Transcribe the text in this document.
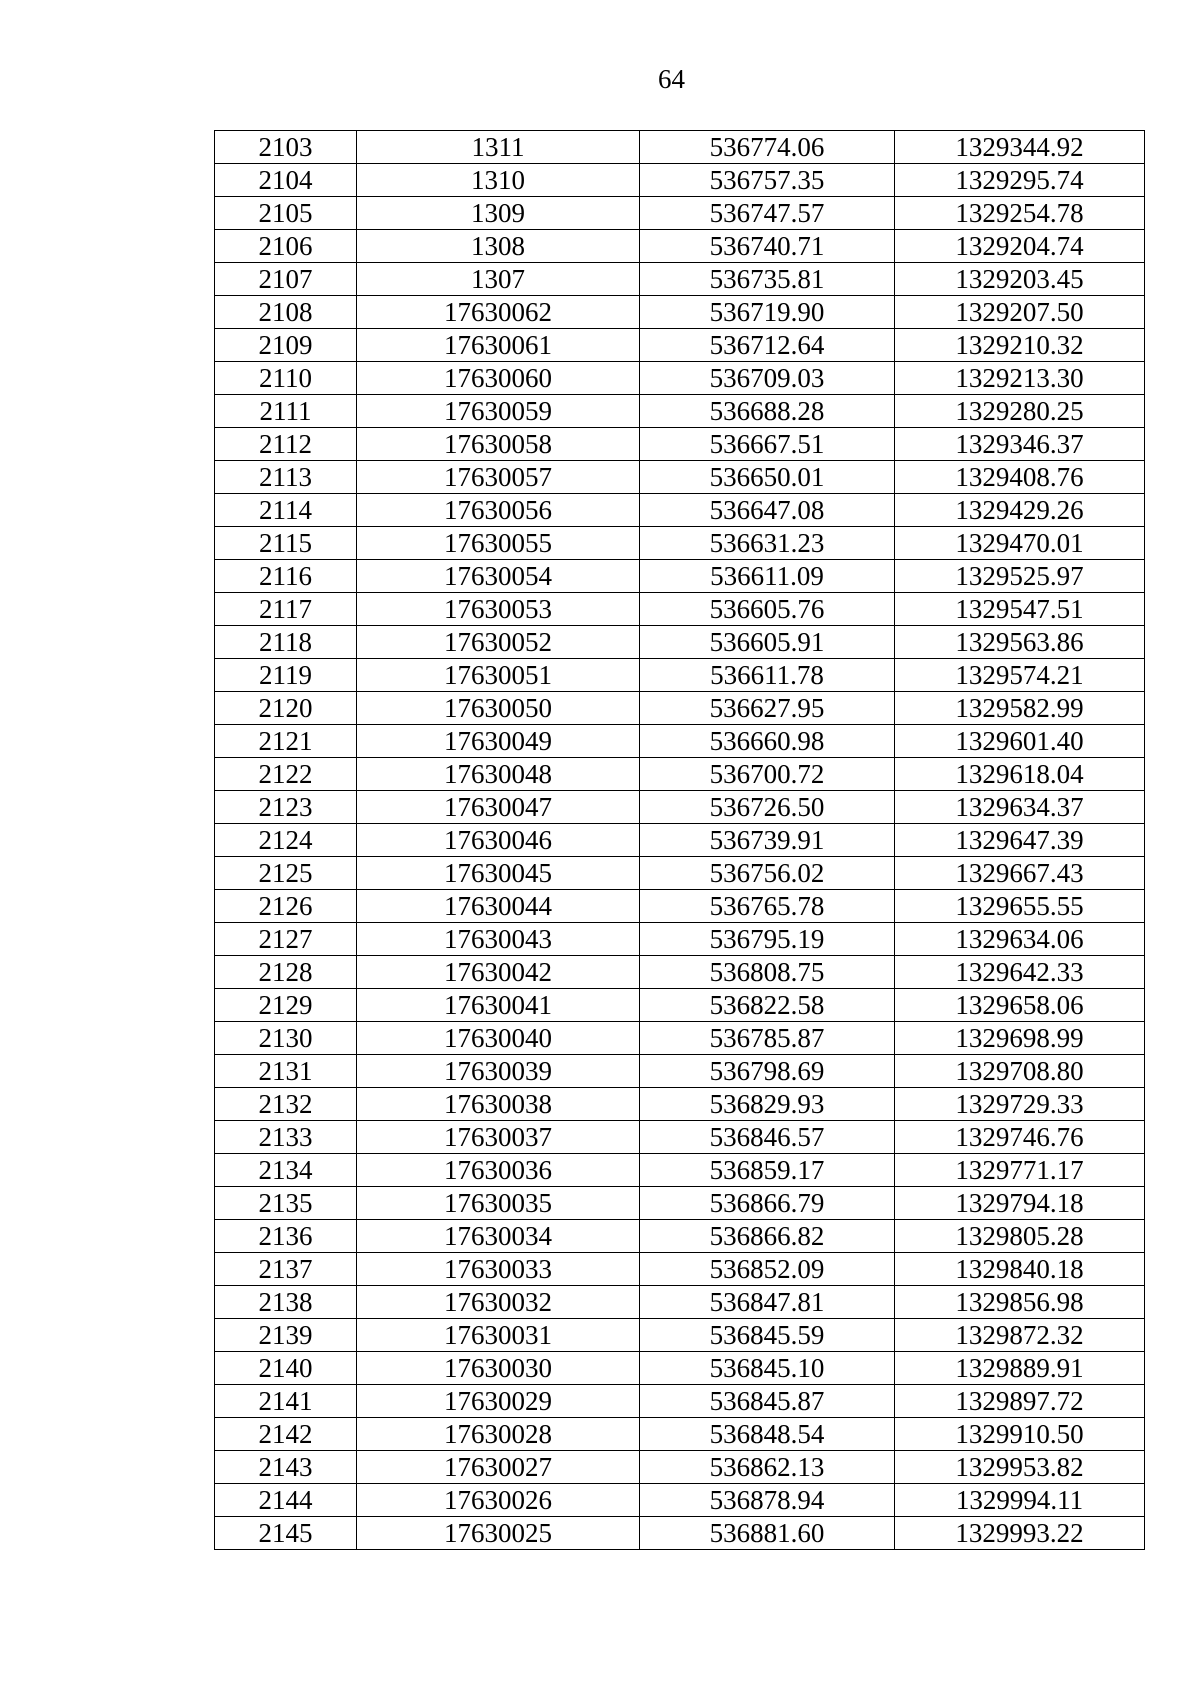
64
2103	1311	536774.06	1329344.92
2104	1310	536757.35	1329295.74
2105	1309	536747.57	1329254.78
2106	1308	536740.71	1329204.74
2107	1307	536735.81	1329203.45
2108	17630062	536719.90	1329207.50
2109	17630061	536712.64	1329210.32
2110	17630060	536709.03	1329213.30
2111	17630059	536688.28	1329280.25
2112	17630058	536667.51	1329346.37
2113	17630057	536650.01	1329408.76
2114	17630056	536647.08	1329429.26
2115	17630055	536631.23	1329470.01
2116	17630054	536611.09	1329525.97
2117	17630053	536605.76	1329547.51
2118	17630052	536605.91	1329563.86
2119	17630051	536611.78	1329574.21
2120	17630050	536627.95	1329582.99
2121	17630049	536660.98	1329601.40
2122	17630048	536700.72	1329618.04
2123	17630047	536726.50	1329634.37
2124	17630046	536739.91	1329647.39
2125	17630045	536756.02	1329667.43
2126	17630044	536765.78	1329655.55
2127	17630043	536795.19	1329634.06
2128	17630042	536808.75	1329642.33
2129	17630041	536822.58	1329658.06
2130	17630040	536785.87	1329698.99
2131	17630039	536798.69	1329708.80
2132	17630038	536829.93	1329729.33
2133	17630037	536846.57	1329746.76
2134	17630036	536859.17	1329771.17
2135	17630035	536866.79	1329794.18
2136	17630034	536866.82	1329805.28
2137	17630033	536852.09	1329840.18
2138	17630032	536847.81	1329856.98
2139	17630031	536845.59	1329872.32
2140	17630030	536845.10	1329889.91
2141	17630029	536845.87	1329897.72
2142	17630028	536848.54	1329910.50
2143	17630027	536862.13	1329953.82
2144	17630026	536878.94	1329994.11
2145	17630025	536881.60	1329993.22
